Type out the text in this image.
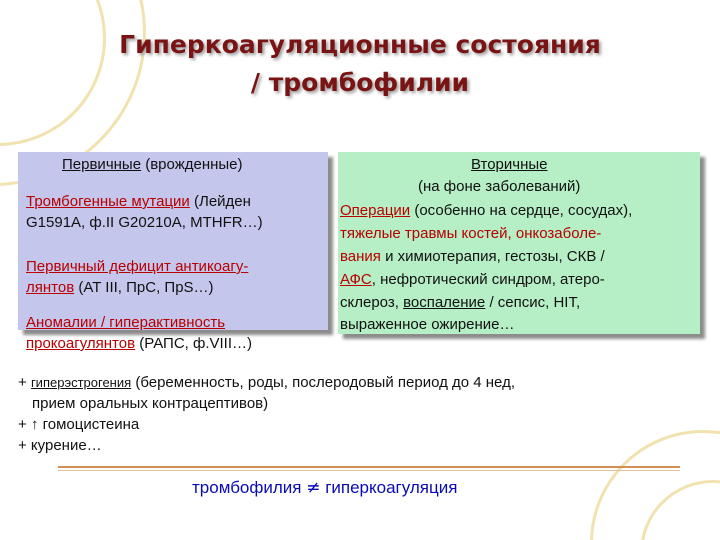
Гиперкоагуляционные состояния
/ тромбофилии
Первичные (врожденные)
Тромбогенные мутации (Лейден
G1591A, ф.II G20210A, MTHFR…)
Первичный дефицит антикоагу-
лянтов (AT III, ПрС, ПрS…)
Аномалии / гиперактивность
прокоагулянтов (РАПС, ф.VIII…)
Вторичные
(на фоне заболеваний)
Операции (особенно на сердце, сосудах),
тяжелые травмы костей, онкозаболе-
вания и химиотерапия, гестозы, СКВ /
АФС, нефротический синдром, атеро-
склероз, воспаление / сепсис, HIT,
выраженное ожирение…
+ гиперэстрогения (беременность, роды, послеродовый период до 4 нед,
прием оральных контрацептивов)
+ ↑ гомоцистеина
+ курение…
тромбофилия ≠ гиперкоагуляция
